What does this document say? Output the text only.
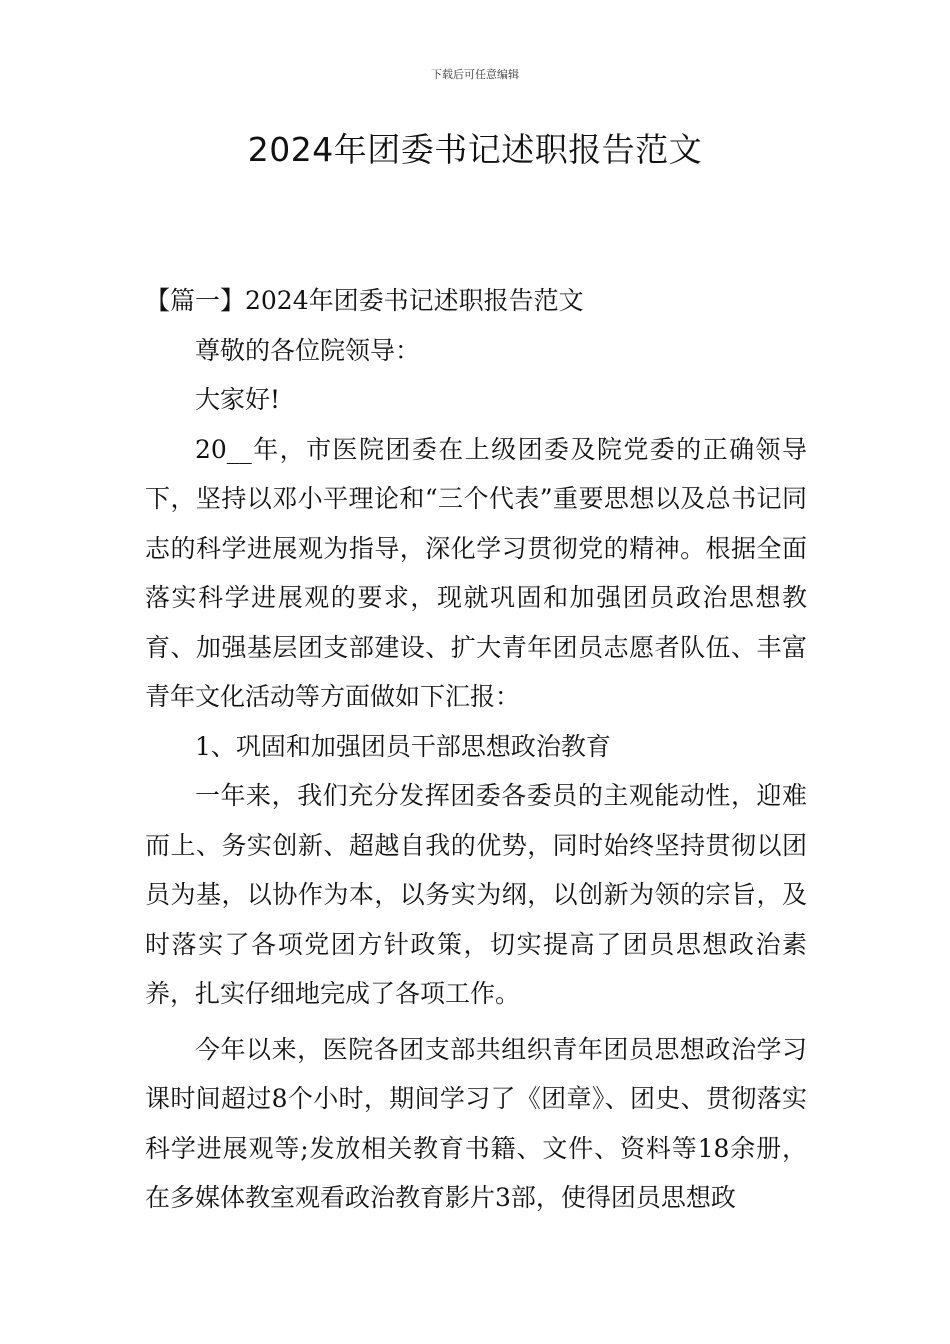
下载后可任意编辑
2024年团委书记述职报告范文

【篇一】2024年团委书记述职报告范文

尊敬的各位院领导：

大家好!

20__年，市医院团委在上级团委及院党委的正确领导下，坚持以邓小平理论和“三个代表”重要思想以及总书记同志的科学进展观为指导，深化学习贯彻党的精神。根据全面落实科学进展观的要求，现就巩固和加强团员政治思想教育、加强基层团支部建设、扩大青年团员志愿者队伍、丰富青年文化活动等方面做如下汇报：

1、巩固和加强团员干部思想政治教育

一年来，我们充分发挥团委各委员的主观能动性，迎难而上、务实创新、超越自我的优势，同时始终坚持贯彻以团员为基，以协作为本，以务实为纲，以创新为领的宗旨，及时落实了各项党团方针政策，切实提高了团员思想政治素养，扎实仔细地完成了各项工作。

今年以来，医院各团支部共组织青年团员思想政治学习课时间超过8个小时，期间学习了《团章》、团史、贯彻落实科学进展观等;发放相关教育书籍、文件、资料等18余册，在多媒体教室观看政治教育影片3部，使得团员思想政
